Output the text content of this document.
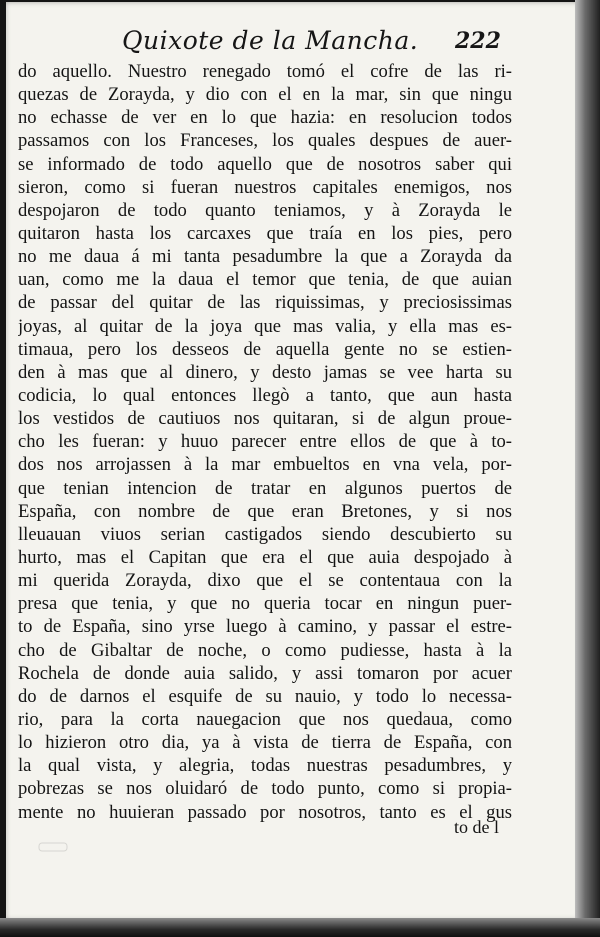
Quixote de la Mancha. 222
do aquello. Nuestro renegado tomó el cofre de las ri-
quezas de Zorayda, y dio con el en la mar, sin que ningu
no echasse de ver en lo que hazia: en resolucion todos
passamos con los Franceses, los quales despues de auer-
se informado de todo aquello que de nosotros saber qui
sieron, como si fueran nuestros capitales enemigos, nos
despojaron de todo quanto teniamos, y à Zorayda le
quitaron hasta los carcaxes que traía en los pies, pero
no me daua á mi tanta pesadumbre la que a Zorayda da
uan, como me la daua el temor que tenia, de que auian
de passar del quitar de las riquissimas, y preciosissimas
joyas, al quitar de la joya que mas valia, y ella mas es-
timaua, pero los desseos de aquella gente no se estien-
den à mas que al dinero, y desto jamas se vee harta su
codicia, lo qual entonces llegò a tanto, que aun hasta
los vestidos de cautiuos nos quitaran, si de algun proue-
cho les fueran: y huuo parecer entre ellos de que à to-
dos nos arrojassen à la mar embueltos en vna vela, por-
que tenian intencion de tratar en algunos puertos de
España, con nombre de que eran Bretones, y si nos
lleuauan viuos serian castigados siendo descubierto su
hurto, mas el Capitan que era el que auia despojado à
mi querida Zorayda, dixo que el se contentaua con la
presa que tenia, y que no queria tocar en ningun puer-
to de España, sino yrse luego à camino, y passar el estre-
cho de Gibaltar de noche, o como pudiesse, hasta à la
Rochela de donde auia salido, y assi tomaron por acuer
do de darnos el esquife de su nauio, y todo lo necessa-
rio, para la corta nauegacion que nos quedaua, como
lo hizieron otro dia, ya à vista de tierra de España, con
la qual vista, y alegria, todas nuestras pesadumbres, y
pobrezas se nos oluidaró de todo punto, como si propia-
mente no huuieran passado por nosotros, tanto es el gus
to de l
